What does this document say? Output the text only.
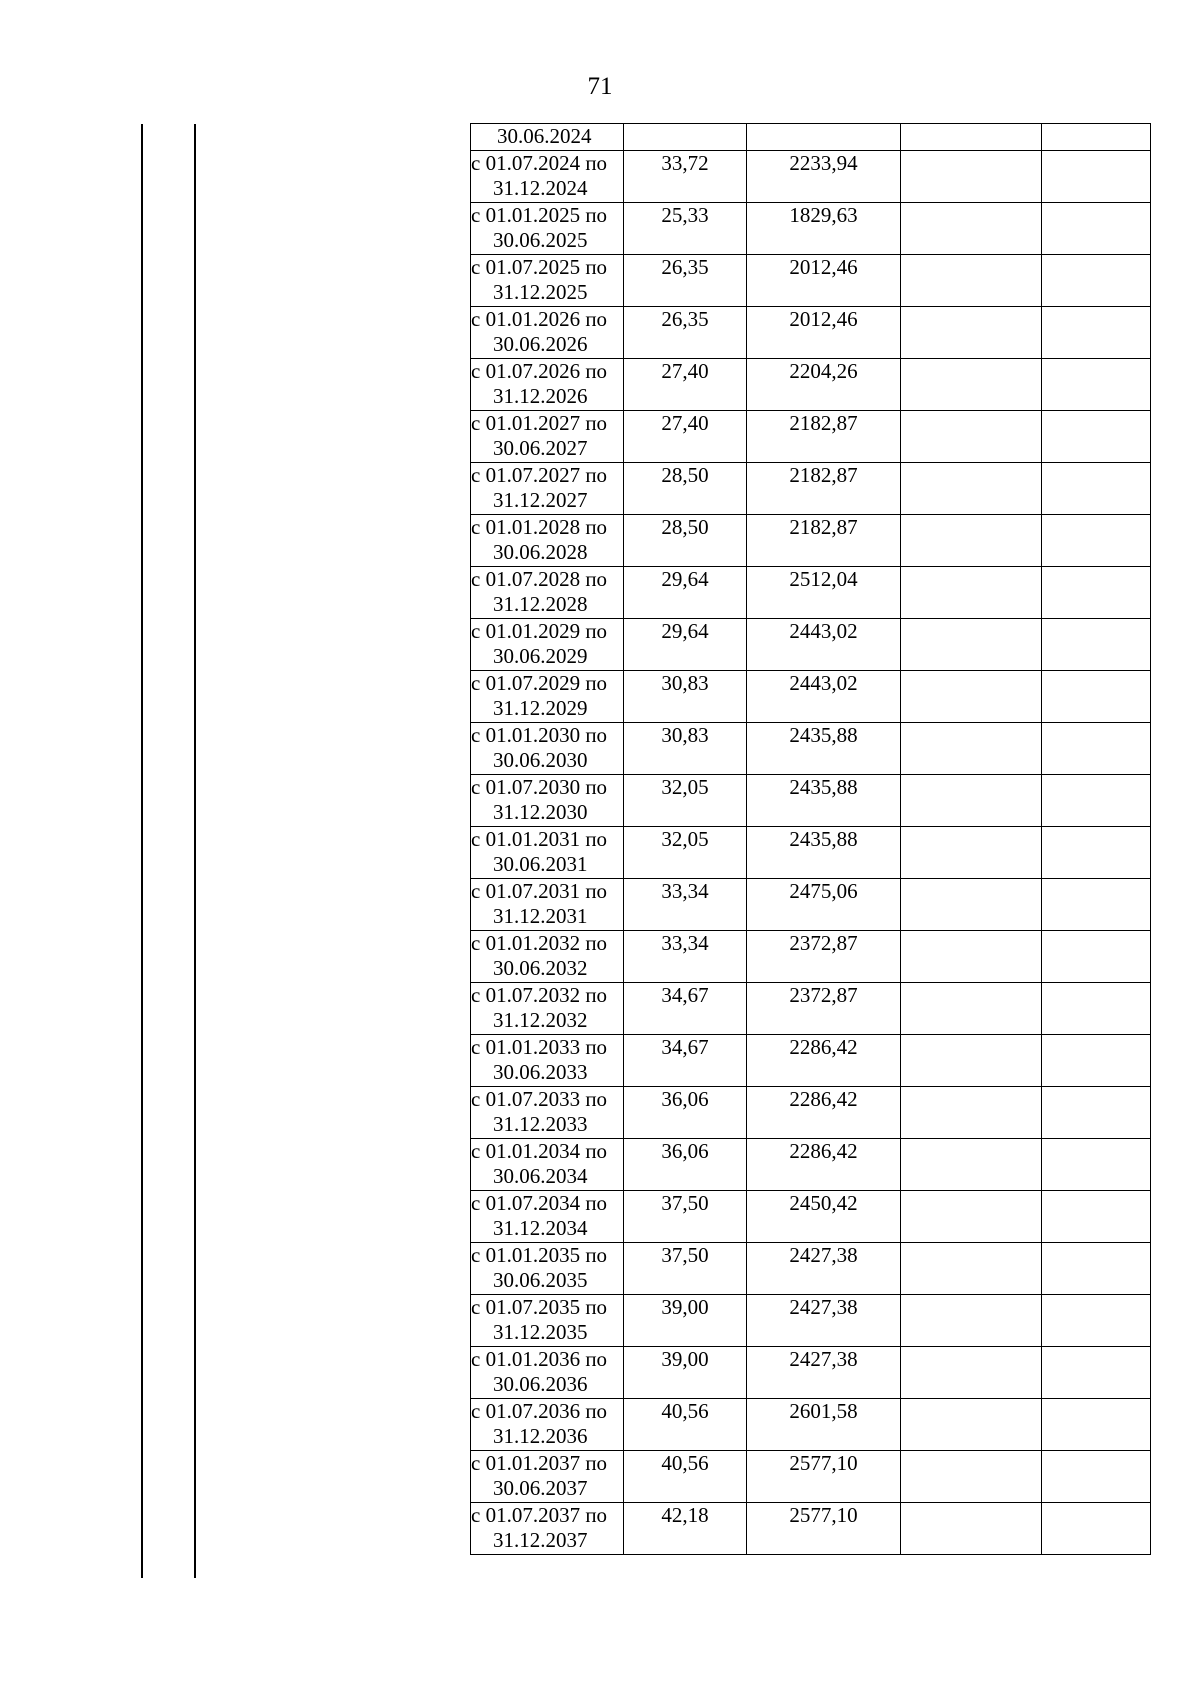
71
30.06.2024				

с 01.07.2024 по
31.12.2024	33,72	2233,94		

с 01.01.2025 по
30.06.2025	25,33	1829,63		

с 01.07.2025 по
31.12.2025	26,35	2012,46		

с 01.01.2026 по
30.06.2026	26,35	2012,46		

с 01.07.2026 по
31.12.2026	27,40	2204,26		

с 01.01.2027 по
30.06.2027	27,40	2182,87		

с 01.07.2027 по
31.12.2027	28,50	2182,87		

с 01.01.2028 по
30.06.2028	28,50	2182,87		

с 01.07.2028 по
31.12.2028	29,64	2512,04		

с 01.01.2029 по
30.06.2029	29,64	2443,02		

с 01.07.2029 по
31.12.2029	30,83	2443,02		

с 01.01.2030 по
30.06.2030	30,83	2435,88		

с 01.07.2030 по
31.12.2030	32,05	2435,88		

с 01.01.2031 по
30.06.2031	32,05	2435,88		

с 01.07.2031 по
31.12.2031	33,34	2475,06		

с 01.01.2032 по
30.06.2032	33,34	2372,87		

с 01.07.2032 по
31.12.2032	34,67	2372,87		

с 01.01.2033 по
30.06.2033	34,67	2286,42		

с 01.07.2033 по
31.12.2033	36,06	2286,42		

с 01.01.2034 по
30.06.2034	36,06	2286,42		

с 01.07.2034 по
31.12.2034	37,50	2450,42		

с 01.01.2035 по
30.06.2035	37,50	2427,38		

с 01.07.2035 по
31.12.2035	39,00	2427,38		

с 01.01.2036 по
30.06.2036	39,00	2427,38		

с 01.07.2036 по
31.12.2036	40,56	2601,58		

с 01.01.2037 по
30.06.2037	40,56	2577,10		

с 01.07.2037 по
31.12.2037	42,18	2577,10		
